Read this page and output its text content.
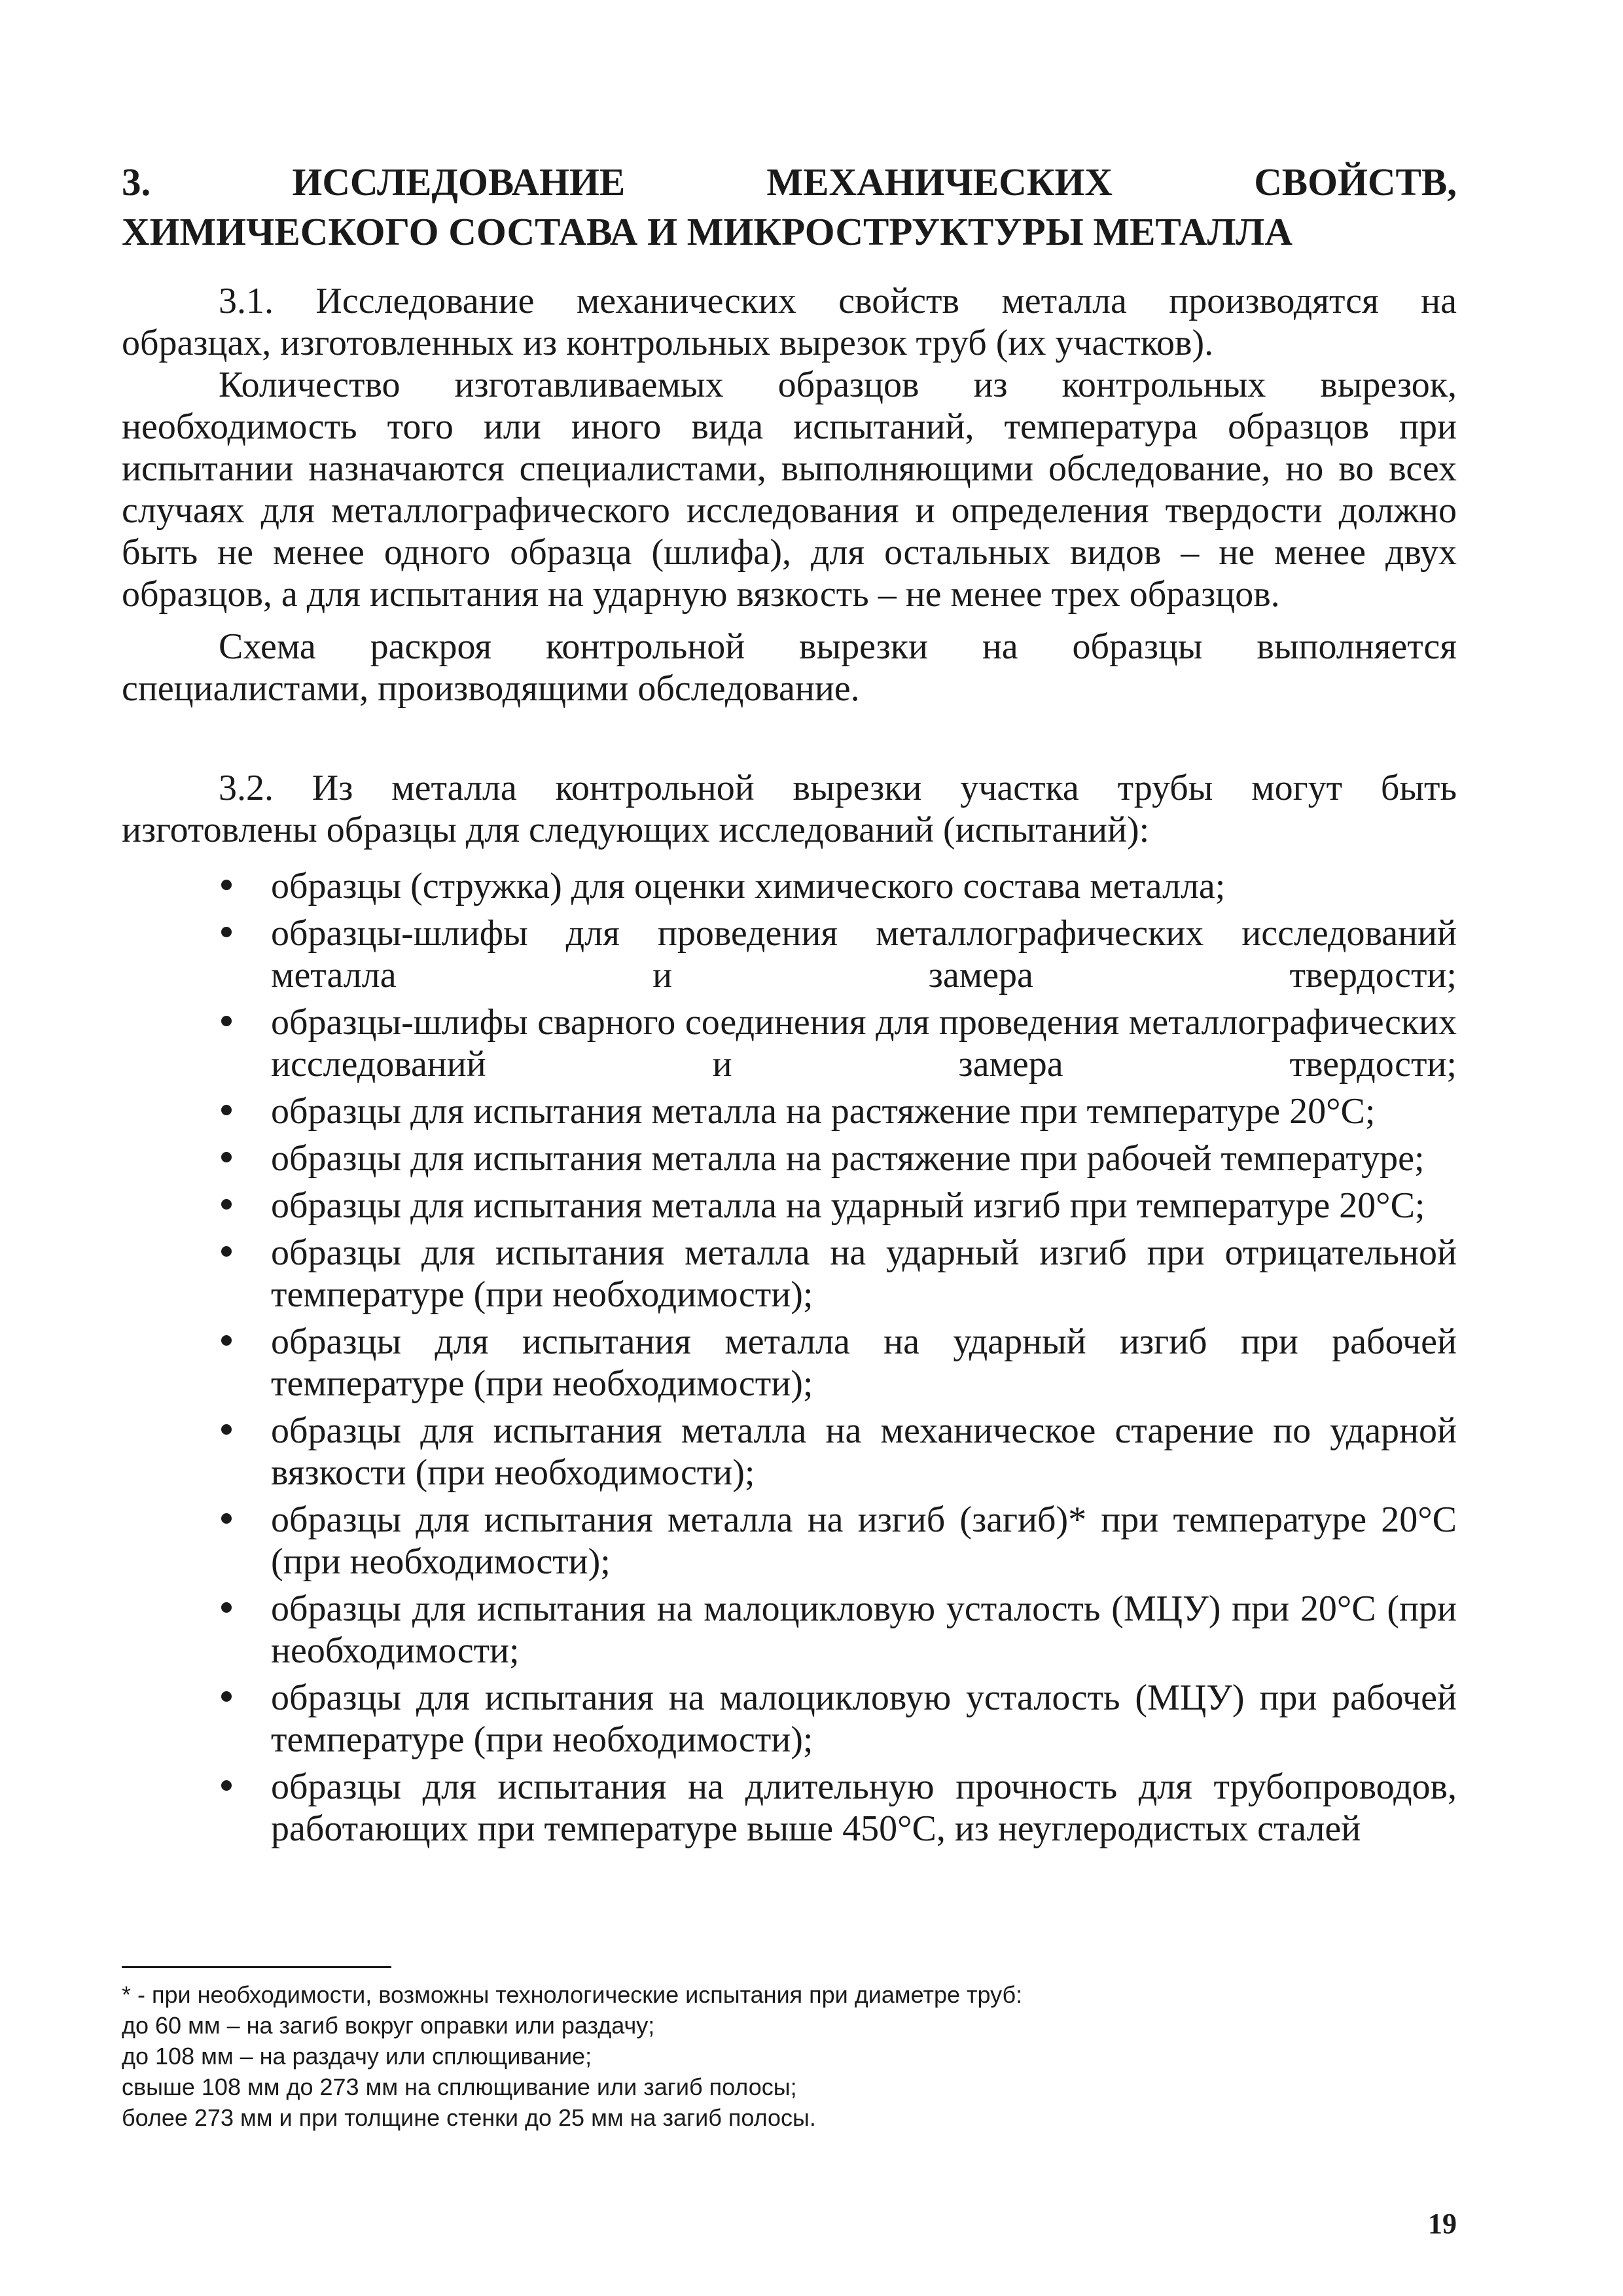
3.	ИССЛЕДОВАНИЕ	МЕХАНИЧЕСКИХ	СВОЙСТВ,
ХИМИЧЕСКОГО СОСТАВА И МИКРОСТРУКТУРЫ МЕТАЛЛА

3.1. Исследование механических свойств металла производятся на
образцах, изготовленных из контрольных вырезок труб (их участков).

Количество изготавливаемых образцов из контрольных вырезок,
необходимость того или иного вида испытаний, температура образцов при испытании назначаются специалистами, выполняющими обследование, но во всех случаях для металлографического исследования и определения твердости должно быть не менее одного образца (шлифа), для остальных видов – не менее двух образцов, а для испытания на ударную вязкость – не менее трех образцов.

Схема раскроя контрольной вырезки на образцы выполняется
специалистами, производящими обследование.

3.2. Из металла контрольной вырезки участка трубы могут быть
изготовлены образцы для следующих исследований (испытаний):

образцы (стружка) для оценки химического состава металла;
образцы-шлифы для проведения металлографических исследований металла и замера твердости;
образцы-шлифы сварного соединения для проведения металлографических исследований и замера твердости;
образцы для испытания металла на растяжение при температуре 20°С;
образцы для испытания металла на растяжение при рабочей температуре;
образцы для испытания металла на ударный изгиб при температуре 20°С;
образцы для испытания металла на ударный изгиб при отрицательной температуре (при необходимости);
образцы для испытания металла на ударный изгиб при рабочей температуре (при необходимости);
образцы для испытания металла на механическое старение по ударной вязкости (при необходимости);
образцы для испытания металла на изгиб (загиб)* при температуре 20°С (при необходимости);
образцы для испытания на малоцикловую усталость (МЦУ) при 20°С (при необходимости;
образцы для испытания на малоцикловую усталость (МЦУ) при рабочей температуре (при необходимости);
образцы для испытания на длительную прочность для трубопроводов, работающих при температуре выше 450°С, из неуглеродистых сталей
* - при необходимости, возможны технологические испытания при диаметре труб:
до 60 мм – на загиб вокруг оправки или раздачу;
до 108 мм – на раздачу или сплющивание;
свыше 108 мм до 273 мм на сплющивание или загиб полосы;
более 273 мм и при толщине стенки до 25 мм на загиб полосы.
19
